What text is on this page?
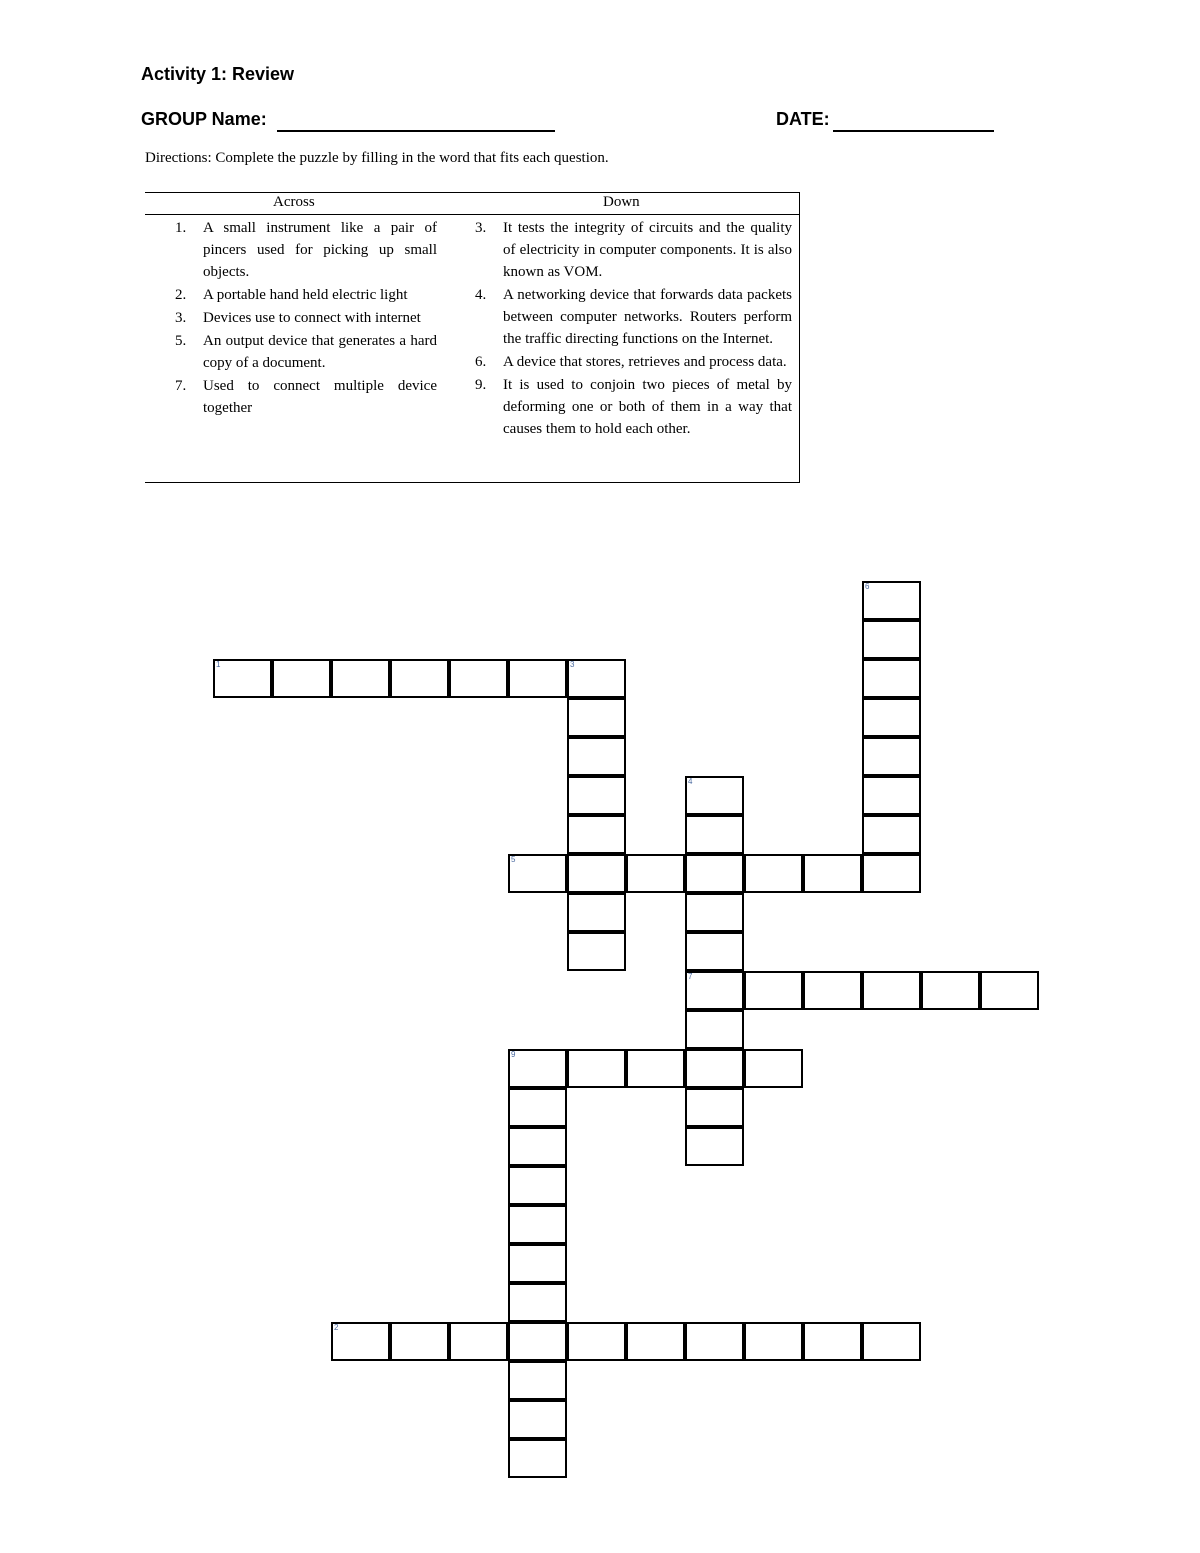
Activity 1: Review
GROUP Name:	DATE:
Directions: Complete the puzzle by filling in the word that fits each question.
Across	Down
1.	A small instrument like a pair of pincers used for picking up small objects.
2.	A portable hand held electric light
3.	Devices use to connect with internet
5.	An output device that generates a hard copy of a document.
7.	Used to connect multiple device together
3.	It tests the integrity of circuits and the quality of electricity in computer components. It is also known as VOM.
4.	A networking device that forwards data packets between computer networks. Routers perform the traffic directing functions on the Internet.
6.	A device that stores, retrieves and process data.
9.	It is used to conjoin two pieces of metal by deforming one or both of them in a way that causes them to hold each other.
1	3
6
4
7
5
9
2
